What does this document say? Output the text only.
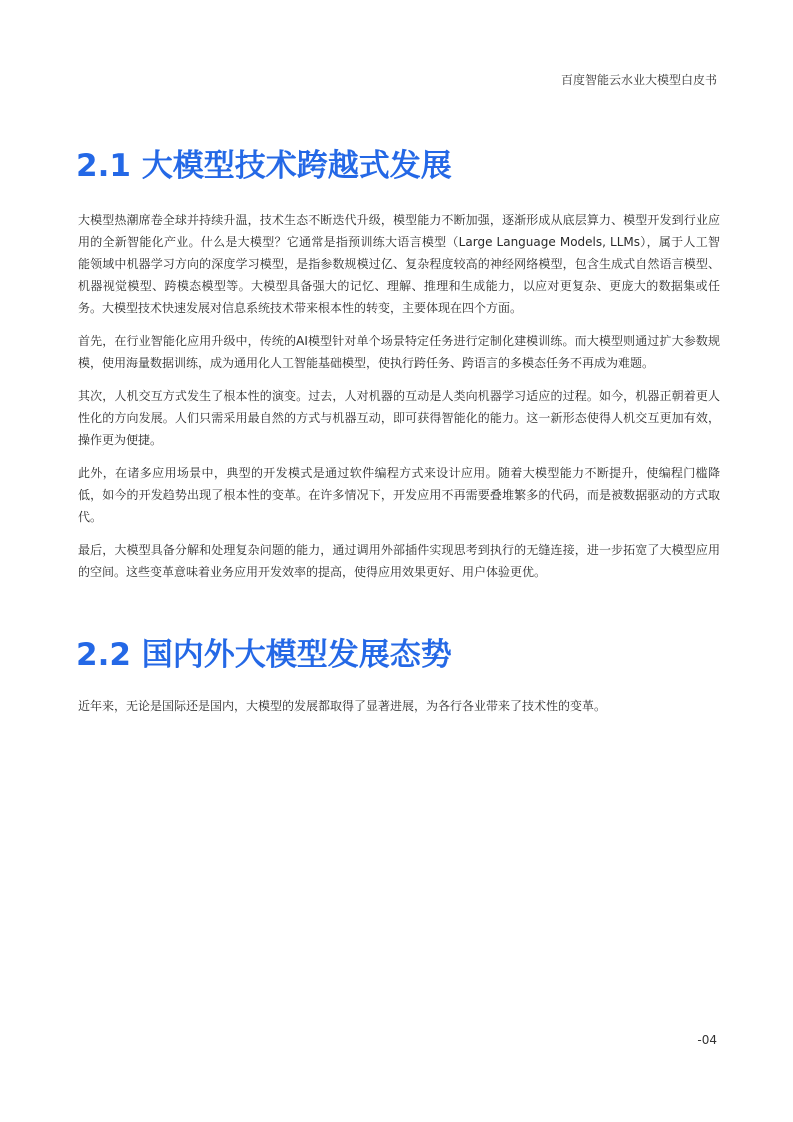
百度智能云水业大模型白皮书
2.1 大模型技术跨越式发展

大模型热潮席卷全球并持续升温，技术生态不断迭代升级，模型能力不断加强，逐渐形成从底层算力、模型开发到行业应用的全新智能化产业。什么是大模型？它通常是指预训练大语言模型（Large Language Models, LLMs），属于人工智能领域中机器学习方向的深度学习模型，是指参数规模过亿、复杂程度较高的神经网络模型，包含生成式自然语言模型、机器视觉模型、跨模态模型等。大模型具备强大的记忆、理解、推理和生成能力，以应对更复杂、更庞大的数据集或任务。大模型技术快速发展对信息系统技术带来根本性的转变，主要体现在四个方面。

首先，在行业智能化应用升级中，传统的AI模型针对单个场景特定任务进行定制化建模训练。而大模型则通过扩大参数规模，使用海量数据训练，成为通用化人工智能基础模型，使执行跨任务、跨语言的多模态任务不再成为难题。

其次，人机交互方式发生了根本性的演变。过去，人对机器的互动是人类向机器学习适应的过程。如今，机器正朝着更人性化的方向发展。人们只需采用最自然的方式与机器互动，即可获得智能化的能力。这一新形态使得人机交互更加有效，操作更为便捷。

此外，在诸多应用场景中，典型的开发模式是通过软件编程方式来设计应用。随着大模型能力不断提升，使编程门槛降低，如今的开发趋势出现了根本性的变革。在许多情况下，开发应用不再需要叠堆繁多的代码，而是被数据驱动的方式取代。

最后，大模型具备分解和处理复杂问题的能力，通过调用外部插件实现思考到执行的无缝连接，进一步拓宽了大模型应用的空间。这些变革意味着业务应用开发效率的提高，使得应用效果更好、用户体验更优。

2.2 国内外大模型发展态势

近年来，无论是国际还是国内，大模型的发展都取得了显著进展，为各行各业带来了技术性的变革。

-04
